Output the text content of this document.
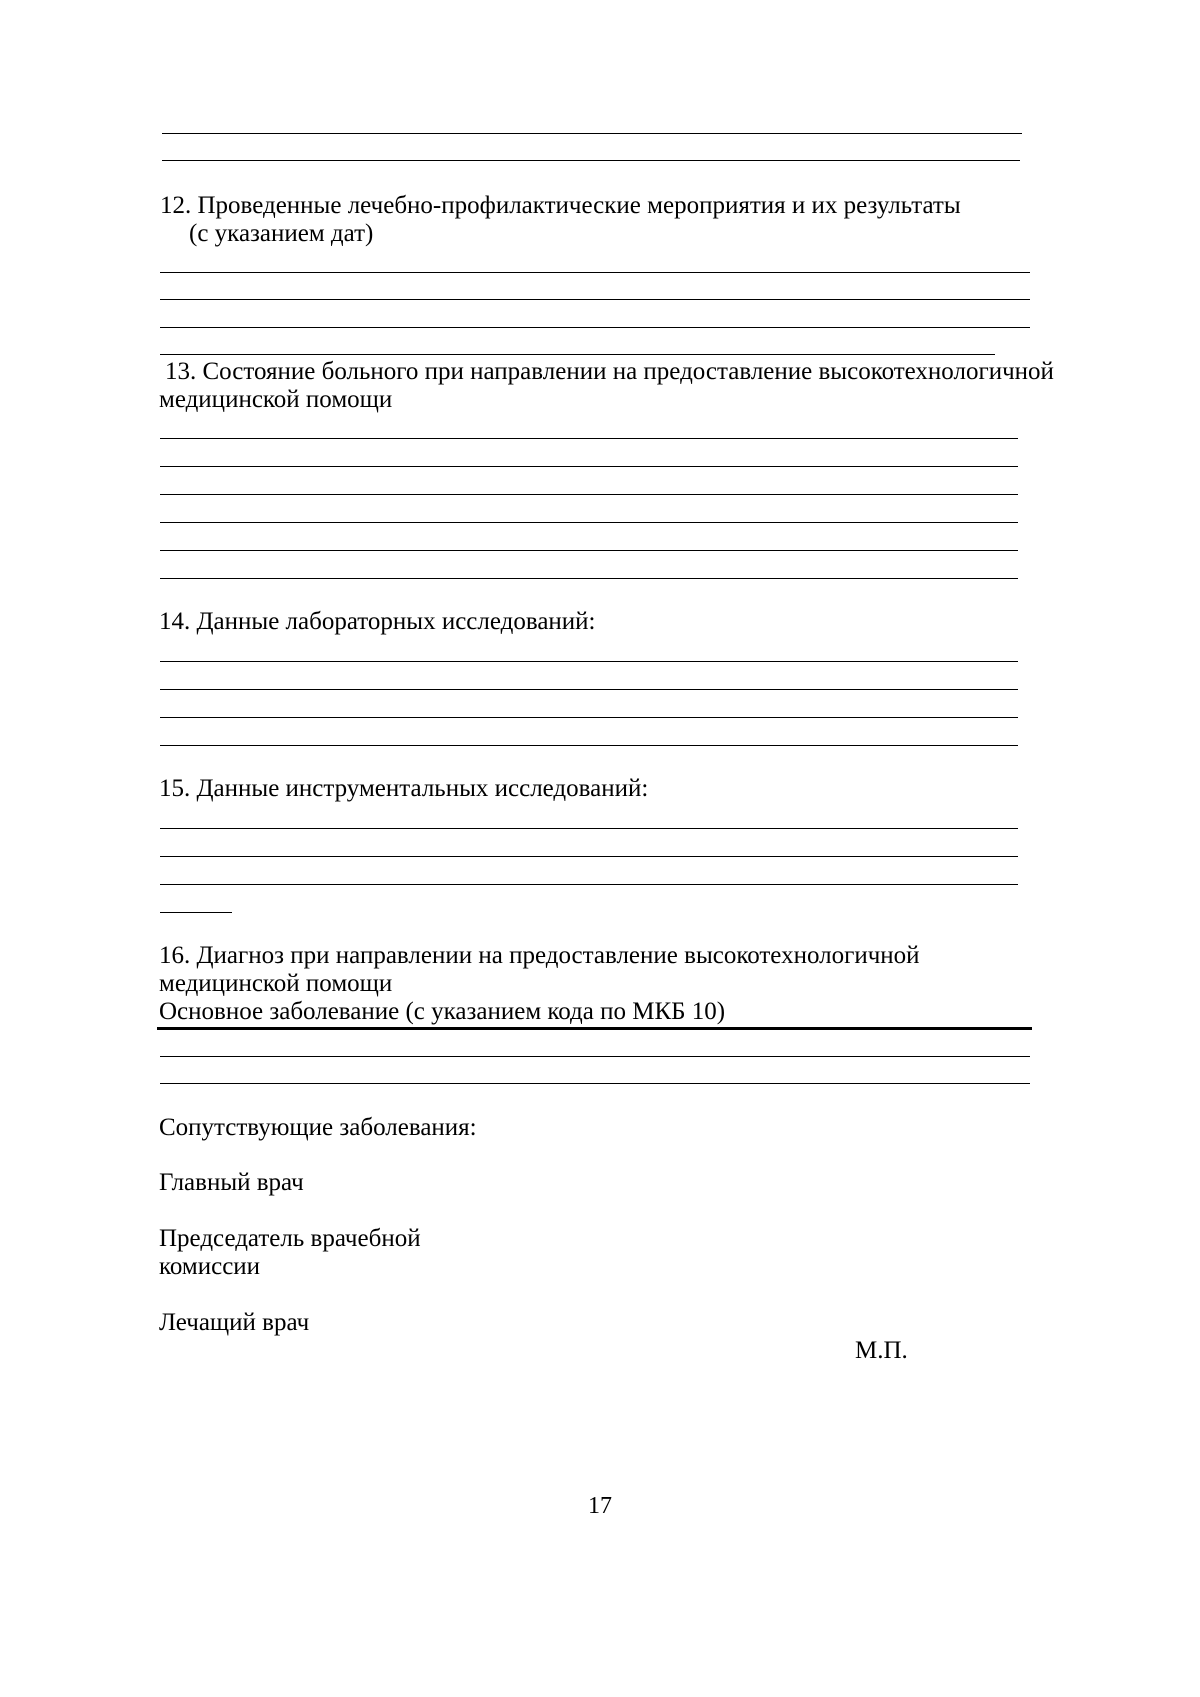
12. Проведенные лечебно-профилактические мероприятия и их результаты
(с указанием дат)
13. Состояние больного при направлении на предоставление высокотехнологичной
медицинской помощи
14. Данные лабораторных исследований:
15. Данные инструментальных исследований:
16. Диагноз при направлении на предоставление высокотехнологичной
медицинской помощи
Основное заболевание (с указанием кода по МКБ 10)
Сопутствующие заболевания:
Главный врач
Председатель врачебной
комиссии
Лечащий врач
М.П.
17
